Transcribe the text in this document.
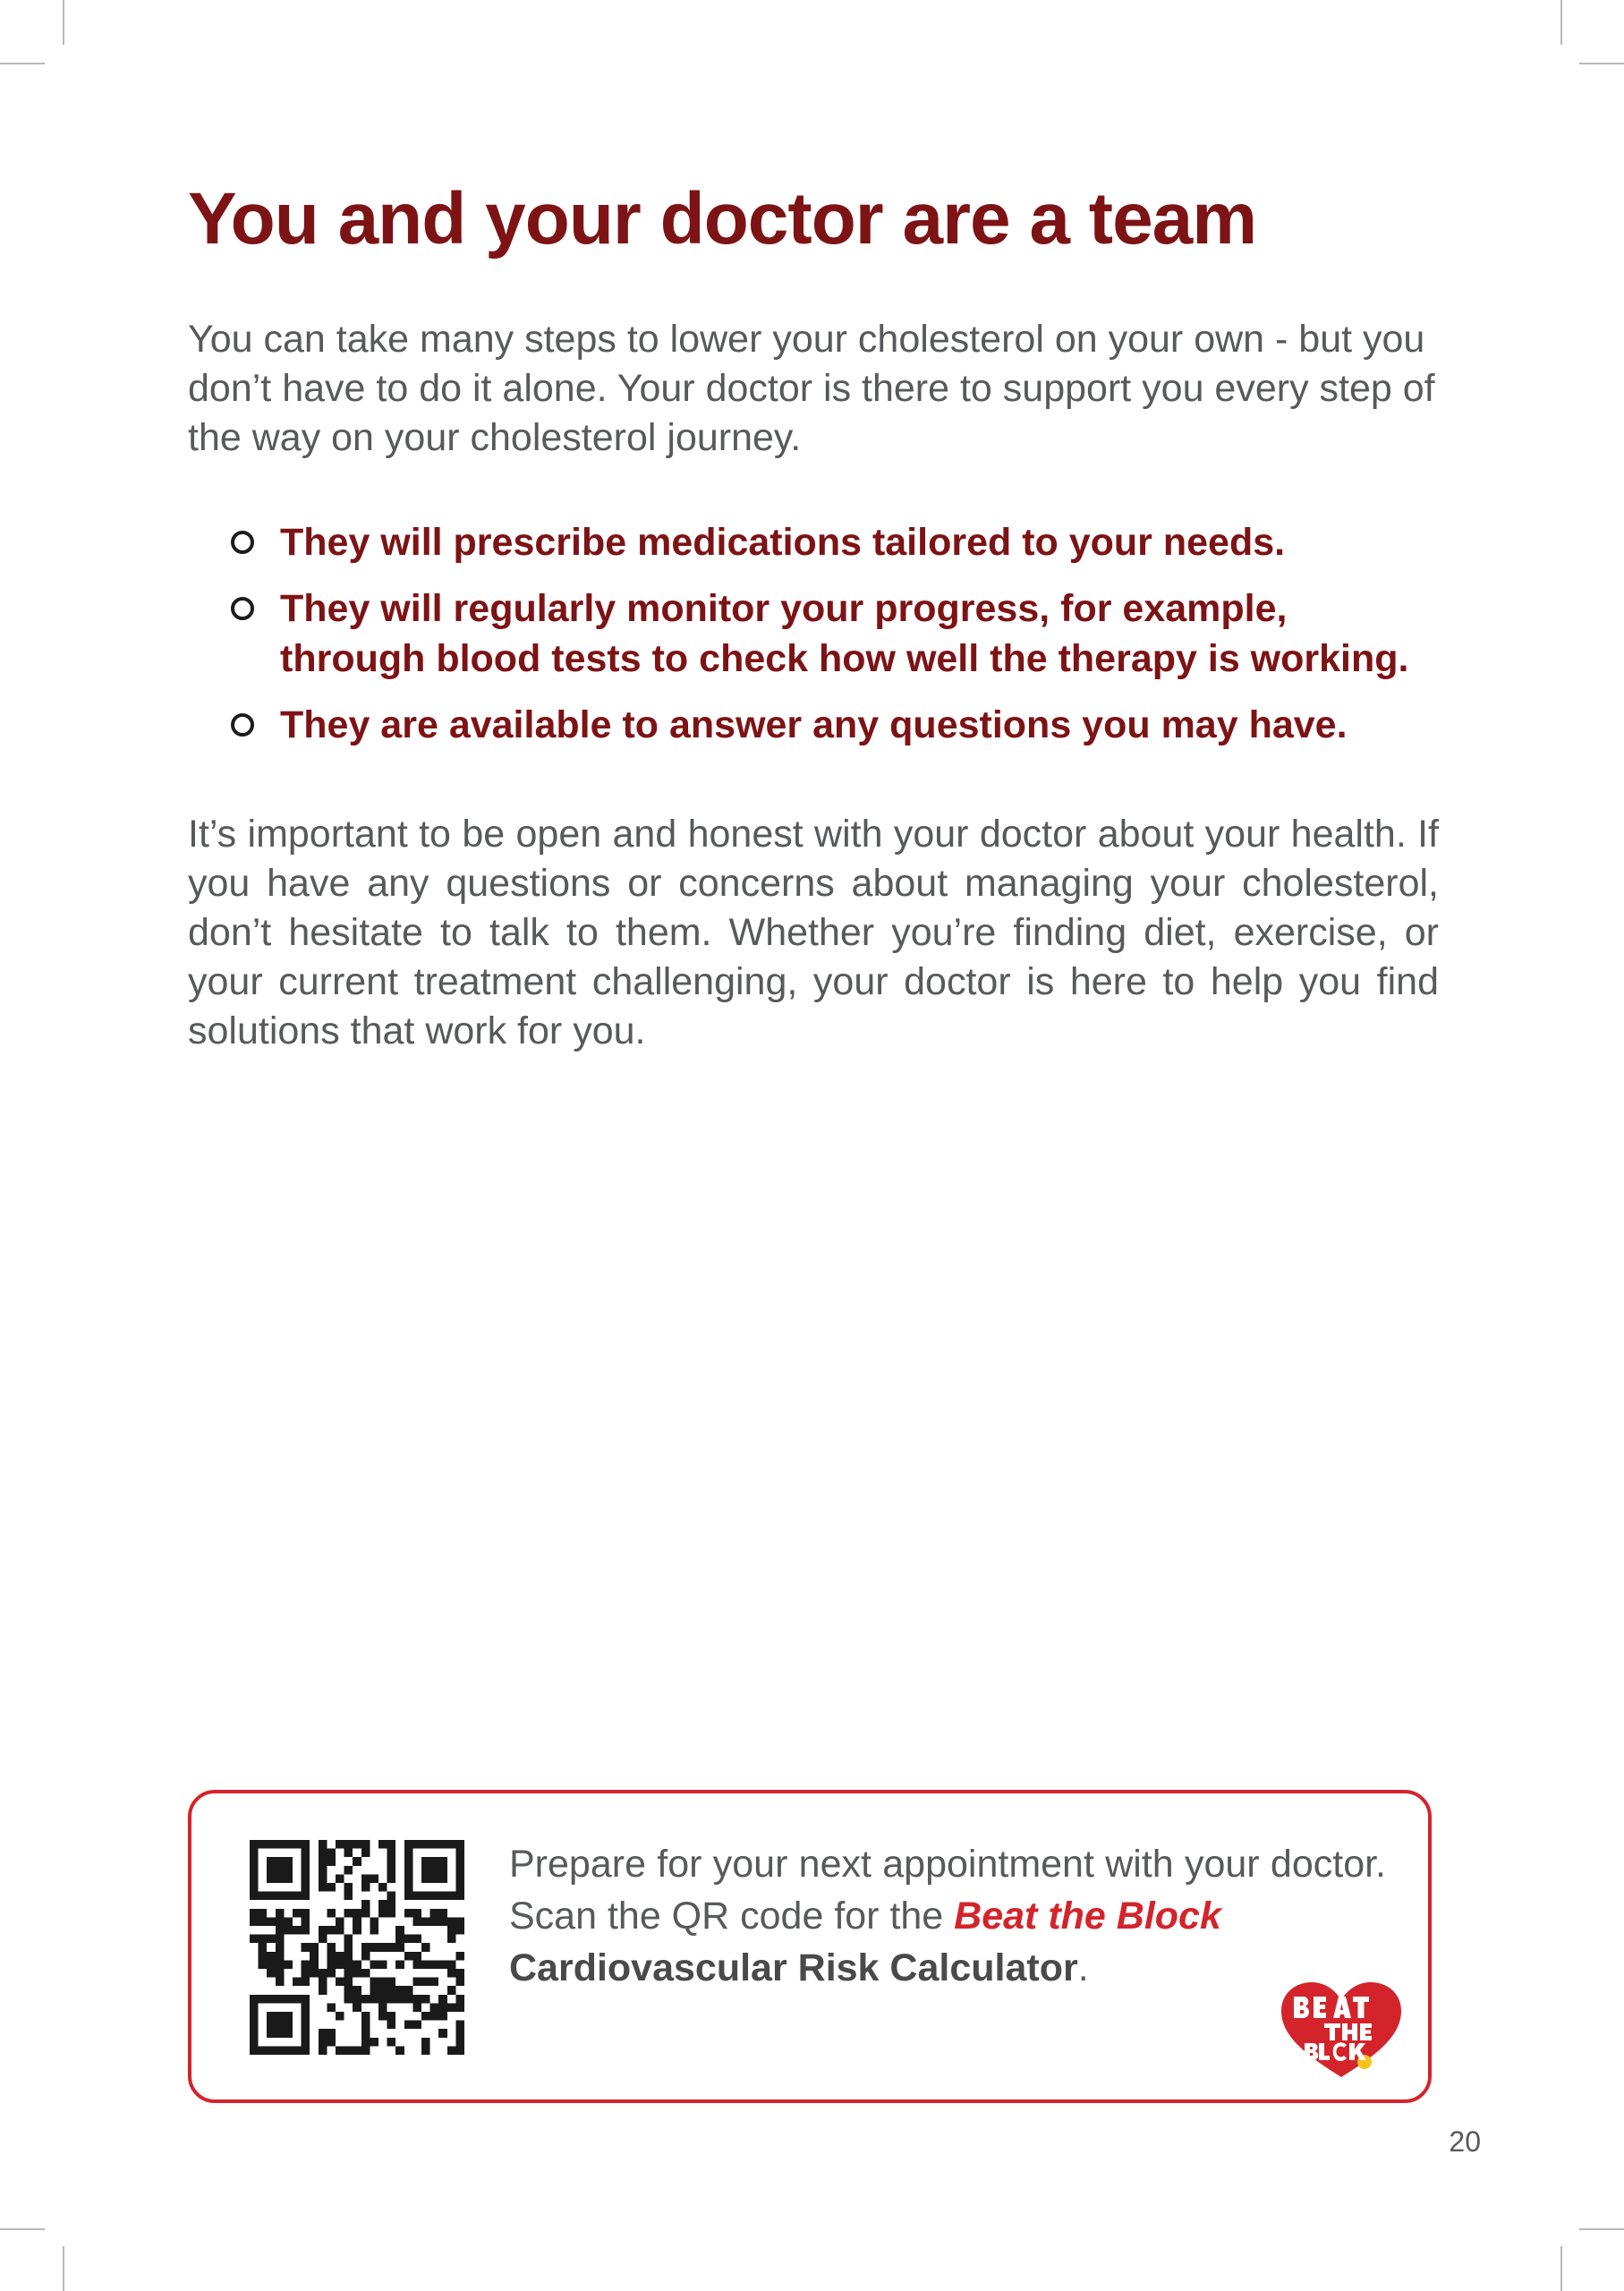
You and your doctor are a team

You can take many steps to lower your cholesterol on your own - but you don’t have to do it alone. Your doctor is there to support you every step of the way on your cholesterol journey.

They will prescribe medications tailored to your needs.
They will regularly monitor your progress, for example, through blood tests to check how well the therapy is working.
They are available to answer any questions you may have.

It’s important to be open and honest with your doctor about your health. If you have any questions or concerns about managing your cholesterol, don’t hesitate to talk to them. Whether you’re finding diet, exercise, or your current treatment challenging, your doctor is here to help you find solutions that work for you.

Prepare for your next appointment with your doctor. Scan the QR code for the Beat the Block
Cardiovascular Risk Calculator.

20
